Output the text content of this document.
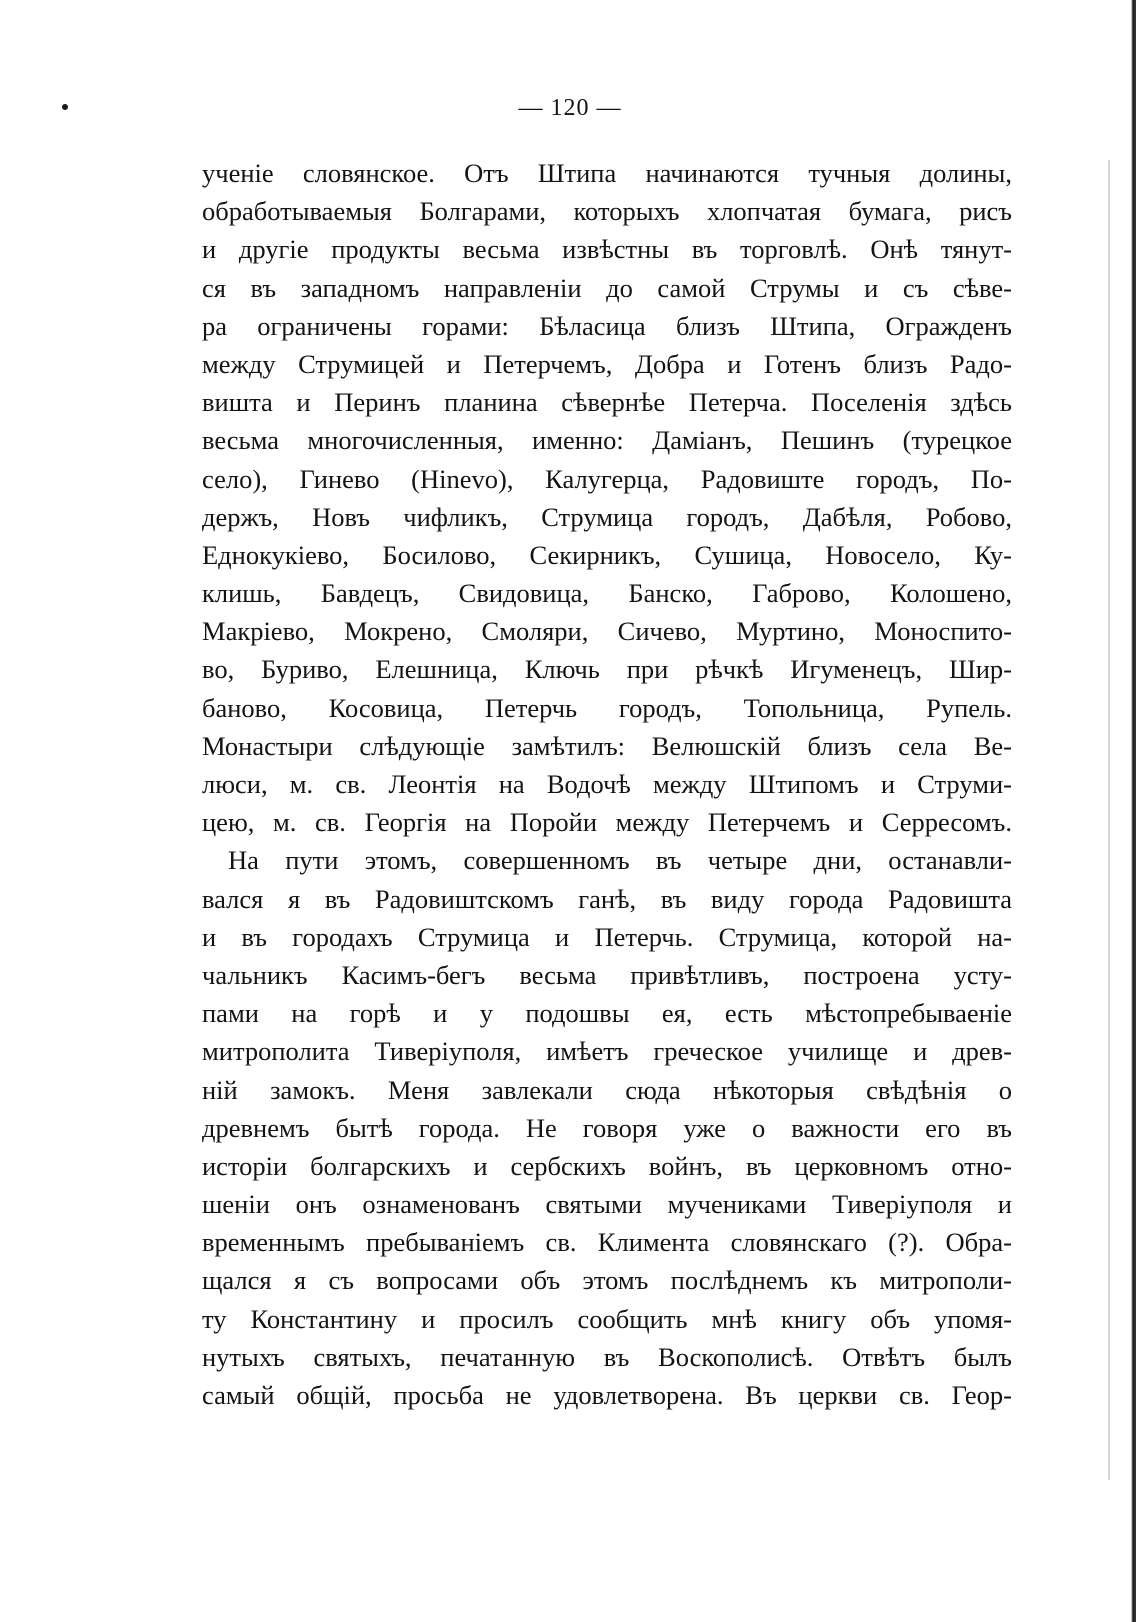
— 120 —
ученіе словянское. Отъ Штипа начинаются тучныя долины,
обработываемыя Болгарами, которыхъ хлопчатая бумага, рисъ
и другіе продукты весьма извѣстны въ торговлѣ. Онѣ тянут-
ся въ западномъ направленіи до самой Струмы и съ сѣве-
ра ограничены горами: Бѣласица близъ Штипа, Огражденъ
между Струмицей и Петерчемъ, Добра и Готенъ близъ Радо-
вишта и Перинъ планина сѣвернѣе Петерча. Поселенія здѣсь
весьма многочисленныя, именно: Даміанъ, Пешинъ (турецкое
село), Гинево (Hinevo), Калугерца, Радовиште городъ, По-
держъ, Новъ чифликъ, Струмица городъ, Дабѣля, Робово,
Еднокукіево, Босилово, Секирникъ, Сушица, Новосело, Ку-
клишь, Бавдецъ, Свидовица, Банско, Габрово, Колошено,
Макріево, Мокрено, Смоляри, Сичево, Муртино, Моноспито-
во, Буриво, Елешница, Ключь при рѣчкѣ Игуменецъ, Шир-
баново, Косовица, Петерчь городъ, Топольница, Рупель.
Монастыри слѣдующіе замѣтилъ: Велюшскій близъ села Ве-
люси, м. св. Леонтія на Водочѣ между Штипомъ и Струми-
цею, м. св. Георгія на Поройи между Петерчемъ и Серресомъ.
На пути этомъ, совершенномъ въ четыре дни, останавли-
вался я въ Радовиштскомъ ганѣ, въ виду города Радовишта
и въ городахъ Струмица и Петерчь. Струмица, которой на-
чальникъ Касимъ-бегъ весьма привѣтливъ, построена усту-
пами на горѣ и у подошвы ея, есть мѣстопребываеніе
митрополита Тиверіуполя, имѣетъ греческое училище и древ-
ній замокъ. Меня завлекали сюда нѣкоторыя свѣдѣнія о
древнемъ бытѣ города. Не говоря уже о важности его въ
исторіи болгарскихъ и сербскихъ войнъ, въ церковномъ отно-
шеніи онъ ознаменованъ святыми мучениками Тиверіуполя и
временнымъ пребываніемъ св. Климента словянскаго (?). Обра-
щался я съ вопросами объ этомъ послѣднемъ къ митрополи-
ту Константину и просилъ сообщить мнѣ книгу объ упомя-
нутыхъ святыхъ, печатанную въ Воскополисѣ. Отвѣтъ былъ
самый общій, просьба не удовлетворена. Въ церкви св. Геор-
